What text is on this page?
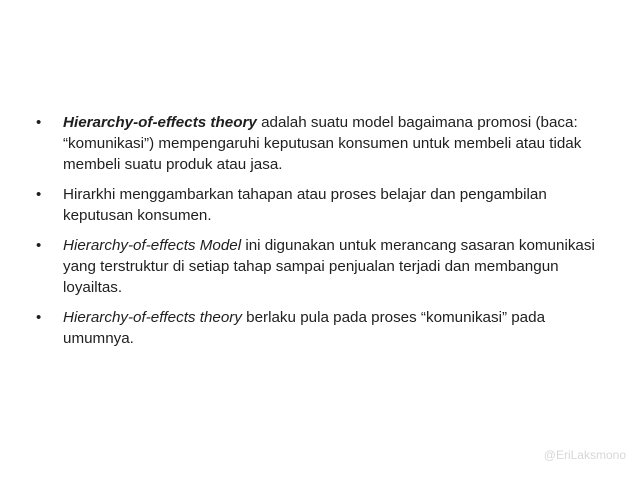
• Hierarchy-of-effects theory adalah suatu model bagaimana promosi (baca: “komunikasi”) mempengaruhi keputusan konsumen untuk membeli atau tidak membeli suatu produk atau jasa.
• Hirarkhi menggambarkan tahapan atau proses belajar dan pengambilan keputusan konsumen.
• Hierarchy-of-effects Model ini digunakan untuk merancang sasaran komunikasi yang terstruktur di setiap tahap sampai penjualan terjadi dan membangun loyailtas.
• Hierarchy-of-effects theory berlaku pula pada proses “komunikasi” pada umumnya.
@EriLaksmono
